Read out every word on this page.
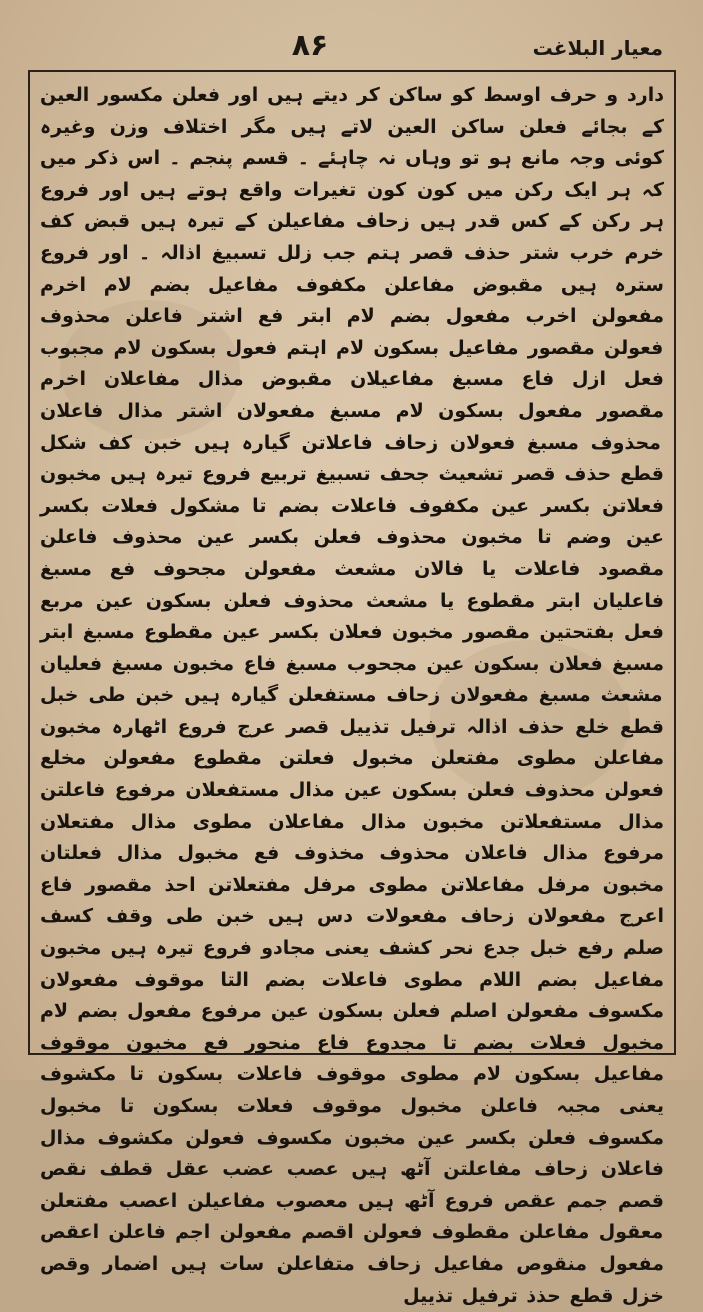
۸۶	معیار البلاغت
دارد و حرف اوسط کو ساکن کر دیتے ہیں اور فعلن مکسور العین کے بجائے فعلن ساکن العین لاتے ہیں مگر اختلاف وزن وغیرہ کوئی وجہ مانع ہو تو وہاں نہ چاہئے ۔ قسم پنجم ۔ اس ذکر میں کہ ہر ایک رکن میں کون کون تغیرات واقع ہوتے ہیں اور فروع ہر رکن کے کس قدر ہیں زحاف مفاعیلن کے تیرہ ہیں قبض کف خرم خرب شتر حذف قصر ہتم جب زلل تسبیغ اذالہ ۔ اور فروع سترہ ہیں مقبوض مفاعلن مکفوف مفاعیل بضم لام اخرم مفعولن اخرب مفعول بضم لام ابتر فع اشتر فاعلن محذوف فعولن مقصور مفاعیل بسکون لام اہتم فعول بسکون لام مجبوب فعل ازل فاع مسبغ مفاعیلان مقبوض مذال مفاعلان اخرم مقصور مفعول بسکون لام مسبغ مفعولان اشتر مذال فاعلان محذوف مسبغ فعولان زحاف فاعلاتن گیارہ ہیں خبن کف شکل قطع حذف قصر تشعیث جحف تسبیغ تربیع فروع تیرہ ہیں مخبون فعلاتن بکسر عین مکفوف فاعلات بضم تا مشکول فعلات بکسر عین وضم تا مخبون محذوف فعلن بکسر عین محذوف فاعلن مقصود فاعلات یا فالان مشعث مفعولن مجحوف فع مسبغ فاعلیان ابتر مقطوع یا مشعث محذوف فعلن بسکون عین مربع فعل بفتحتین مقصور مخبون فعلان بکسر عین مقطوع مسبغ ابتر مسبغ فعلان بسکون عین مجحوب مسبغ فاع مخبون مسبغ فعلیان مشعث مسبغ مفعولان زحاف مستفعلن گیارہ ہیں خبن طی خبل قطع خلع حذف اذالہ ترفیل تذییل قصر عرج فروع اٹھارہ مخبون مفاعلن مطوی مفتعلن مخبول فعلتن مقطوع مفعولن مخلع فعولن محذوف فعلن بسکون عین مذال مستفعلان مرفوع فاعلتن مذال مستفعلاتن مخبون مذال مفاعلان مطوی مذال مفتعلان مرفوع مذال فاعلان محذوف مخذوف فع مخبول مذال فعلتان مخبون مرفل مفاعلاتن مطوی مرفل مفتعلاتن احذ مقصور فاع اعرج مفعولان زحاف مفعولات دس ہیں خبن طی وقف کسف صلم رفع خبل جدع نحر کشف یعنی مجادو فروع تیرہ ہیں مخبون مفاعیل بضم اللام مطوی فاعلات بضم التا موقوف مفعولان مکسوف مفعولن اصلم فعلن بسکون عین مرفوع مفعول بضم لام مخبول فعلات بضم تا مجدوع فاع منحور فع مخبون موقوف مفاعیل بسکون لام مطوی موقوف فاعلات بسکون تا مکشوف یعنی مجبہ فاعلن مخبول موقوف فعلات بسکون تا مخبول مکسوف فعلن بکسر عین مخبون مکسوف فعولن مکشوف مذال فاعلان زحاف مفاعلتن آٹھ ہیں عصب عضب عقل قطف نقص قصم جمم عقص فروع آٹھ ہیں معصوب مفاعیلن اعصب مفتعلن معقول مفاعلن مقطوف فعولن اقصم مفعولن اجم فاعلن اعقص مفعول منقوص مفاعیل زحاف متفاعلن سات ہیں اضمار وقص خزل قطع حذذ ترفیل تذییل
